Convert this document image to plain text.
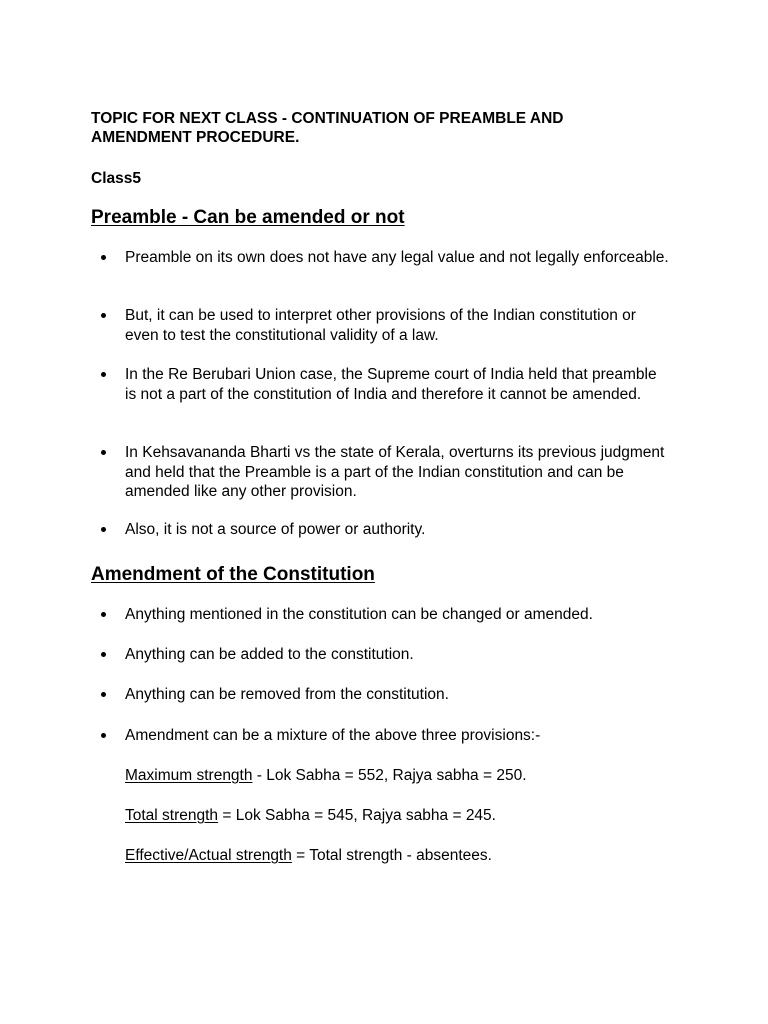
TOPIC FOR NEXT CLASS - CONTINUATION OF PREAMBLE AND AMENDMENT PROCEDURE.
Class5
Preamble - Can be amended or not
Preamble on its own does not have any legal value and not legally enforceable.
But, it can be used to interpret other provisions of the Indian constitution or even to test the constitutional validity of a law.
In the Re Berubari Union case, the Supreme court of India held that preamble is not a part of the constitution of India and therefore it cannot be amended.
In Kehsavananda Bharti vs the state of Kerala, overturns its previous judgment and held that the Preamble is a part of the Indian constitution and can be amended like any other provision.
Also, it is not a source of power or authority.
Amendment of the Constitution
Anything mentioned in the constitution can be changed or amended.
Anything can be added to the constitution.
Anything can be removed from the constitution.
Amendment can be a mixture of the above three provisions:-
Maximum strength - Lok Sabha = 552, Rajya sabha = 250.
Total strength = Lok Sabha = 545, Rajya sabha = 245.
Effective/Actual strength = Total strength - absentees.
